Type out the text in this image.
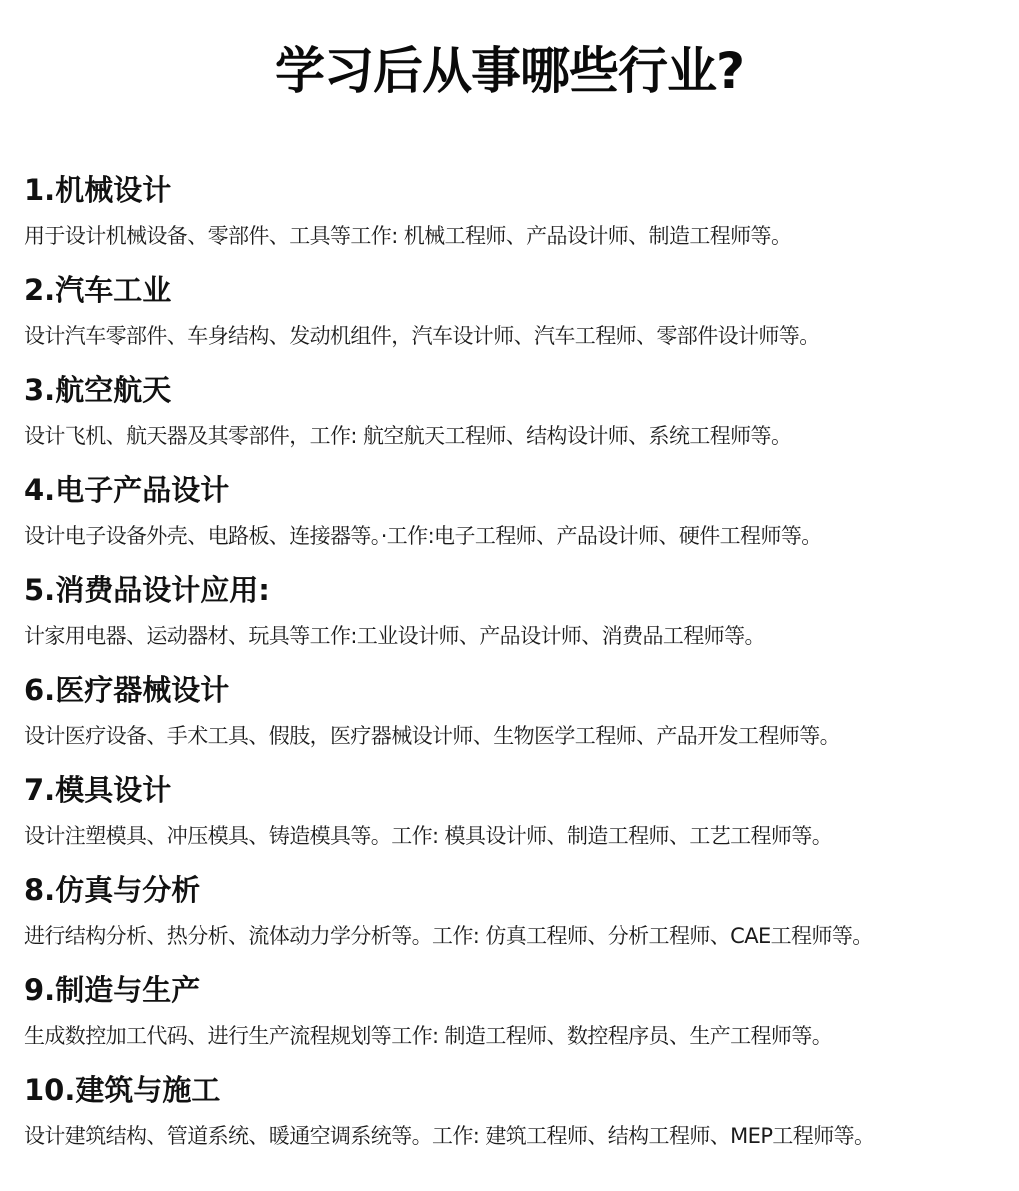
学习后从事哪些行业?
1.机械设计
用于设计机械设备、零部件、工具等工作: 机械工程师、产品设计师、制造工程师等。
2.汽车工业
设计汽车零部件、车身结构、发动机组件，汽车设计师、汽车工程师、零部件设计师等。
3.航空航天
设计飞机、航天器及其零部件，工作: 航空航天工程师、结构设计师、系统工程师等。
4.电子产品设计
设计电子设备外壳、电路板、连接器等。·工作:电子工程师、产品设计师、硬件工程师等。
5.消费品设计应用:
计家用电器、运动器材、玩具等工作:工业设计师、产品设计师、消费品工程师等。
6.医疗器械设计
设计医疗设备、手术工具、假肢，医疗器械设计师、生物医学工程师、产品开发工程师等。
7.模具设计
设计注塑模具、冲压模具、铸造模具等。工作: 模具设计师、制造工程师、工艺工程师等。
8.仿真与分析
进行结构分析、热分析、流体动力学分析等。工作: 仿真工程师、分析工程师、CAE工程师等。
9.制造与生产
生成数控加工代码、进行生产流程规划等工作: 制造工程师、数控程序员、生产工程师等。
10.建筑与施工
设计建筑结构、管道系统、暖通空调系统等。工作: 建筑工程师、结构工程师、MEP工程师等。
